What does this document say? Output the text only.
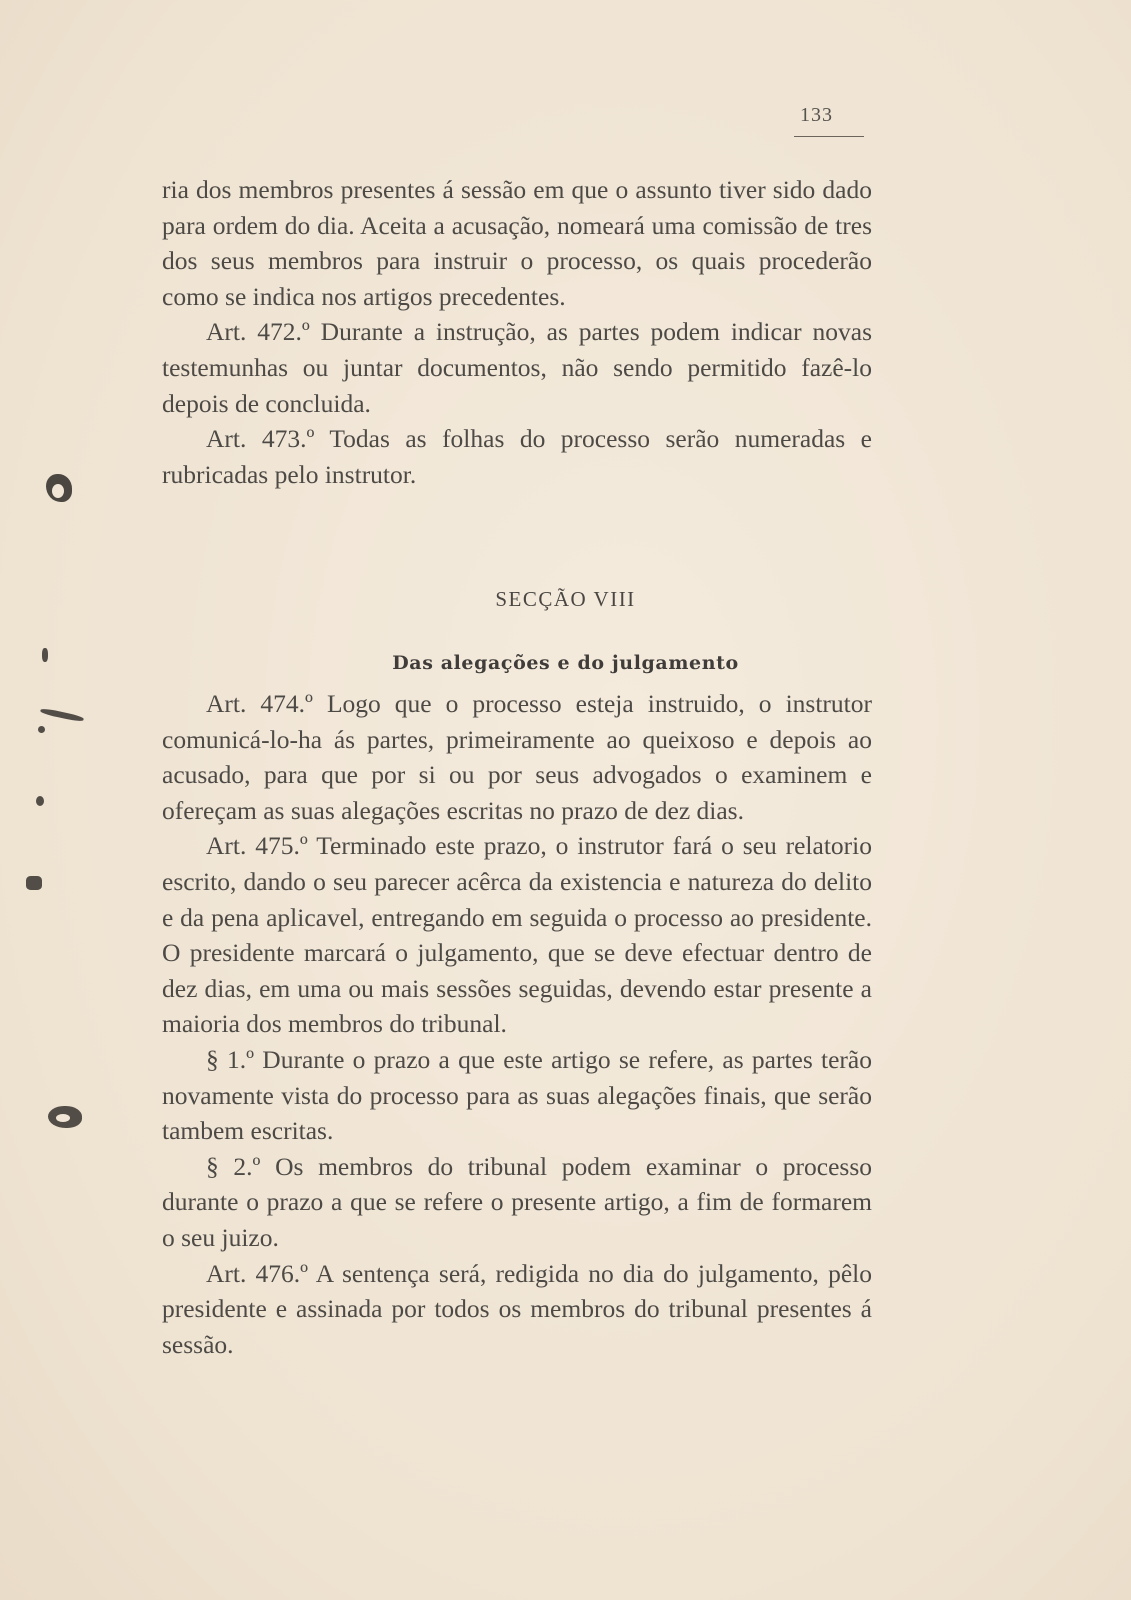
133

ria dos membros presentes á sessão em que o assunto tiver sido dado para ordem do dia. Aceita a acusação, nomeará uma comissão de tres dos seus membros para instruir o processo, os quais procederão como se indica nos artigos precedentes.

Art. 472.º Durante a instrução, as partes podem indicar novas testemunhas ou juntar documentos, não sendo permitido fazê-lo depois de concluida.

Art. 473.º Todas as folhas do processo serão numeradas e rubricadas pelo instrutor.

SECÇÃO VIII
Das alegações e do julgamento

Art. 474.º Logo que o processo esteja instruido, o instrutor comunicá-lo-ha ás partes, primeiramente ao queixoso e depois ao acusado, para que por si ou por seus advogados o examinem e ofereçam as suas alegações escritas no prazo de dez dias.

Art. 475.º Terminado este prazo, o instrutor fará o seu relatorio escrito, dando o seu parecer acêrca da existencia e natureza do delito e da pena aplicavel, entregando em seguida o processo ao presidente. O presidente marcará o julgamento, que se deve efectuar dentro de dez dias, em uma ou mais sessões seguidas, devendo estar presente a maioria dos membros do tribunal.

§ 1.º Durante o prazo a que este artigo se refere, as partes terão novamente vista do processo para as suas alegações finais, que serão tambem escritas.

§ 2.º Os membros do tribunal podem examinar o processo durante o prazo a que se refere o presente artigo, a fim de formarem o seu juizo.

Art. 476.º A sentença será, redigida no dia do julgamento, pêlo presidente e assinada por todos os membros do tribunal presentes á sessão.
